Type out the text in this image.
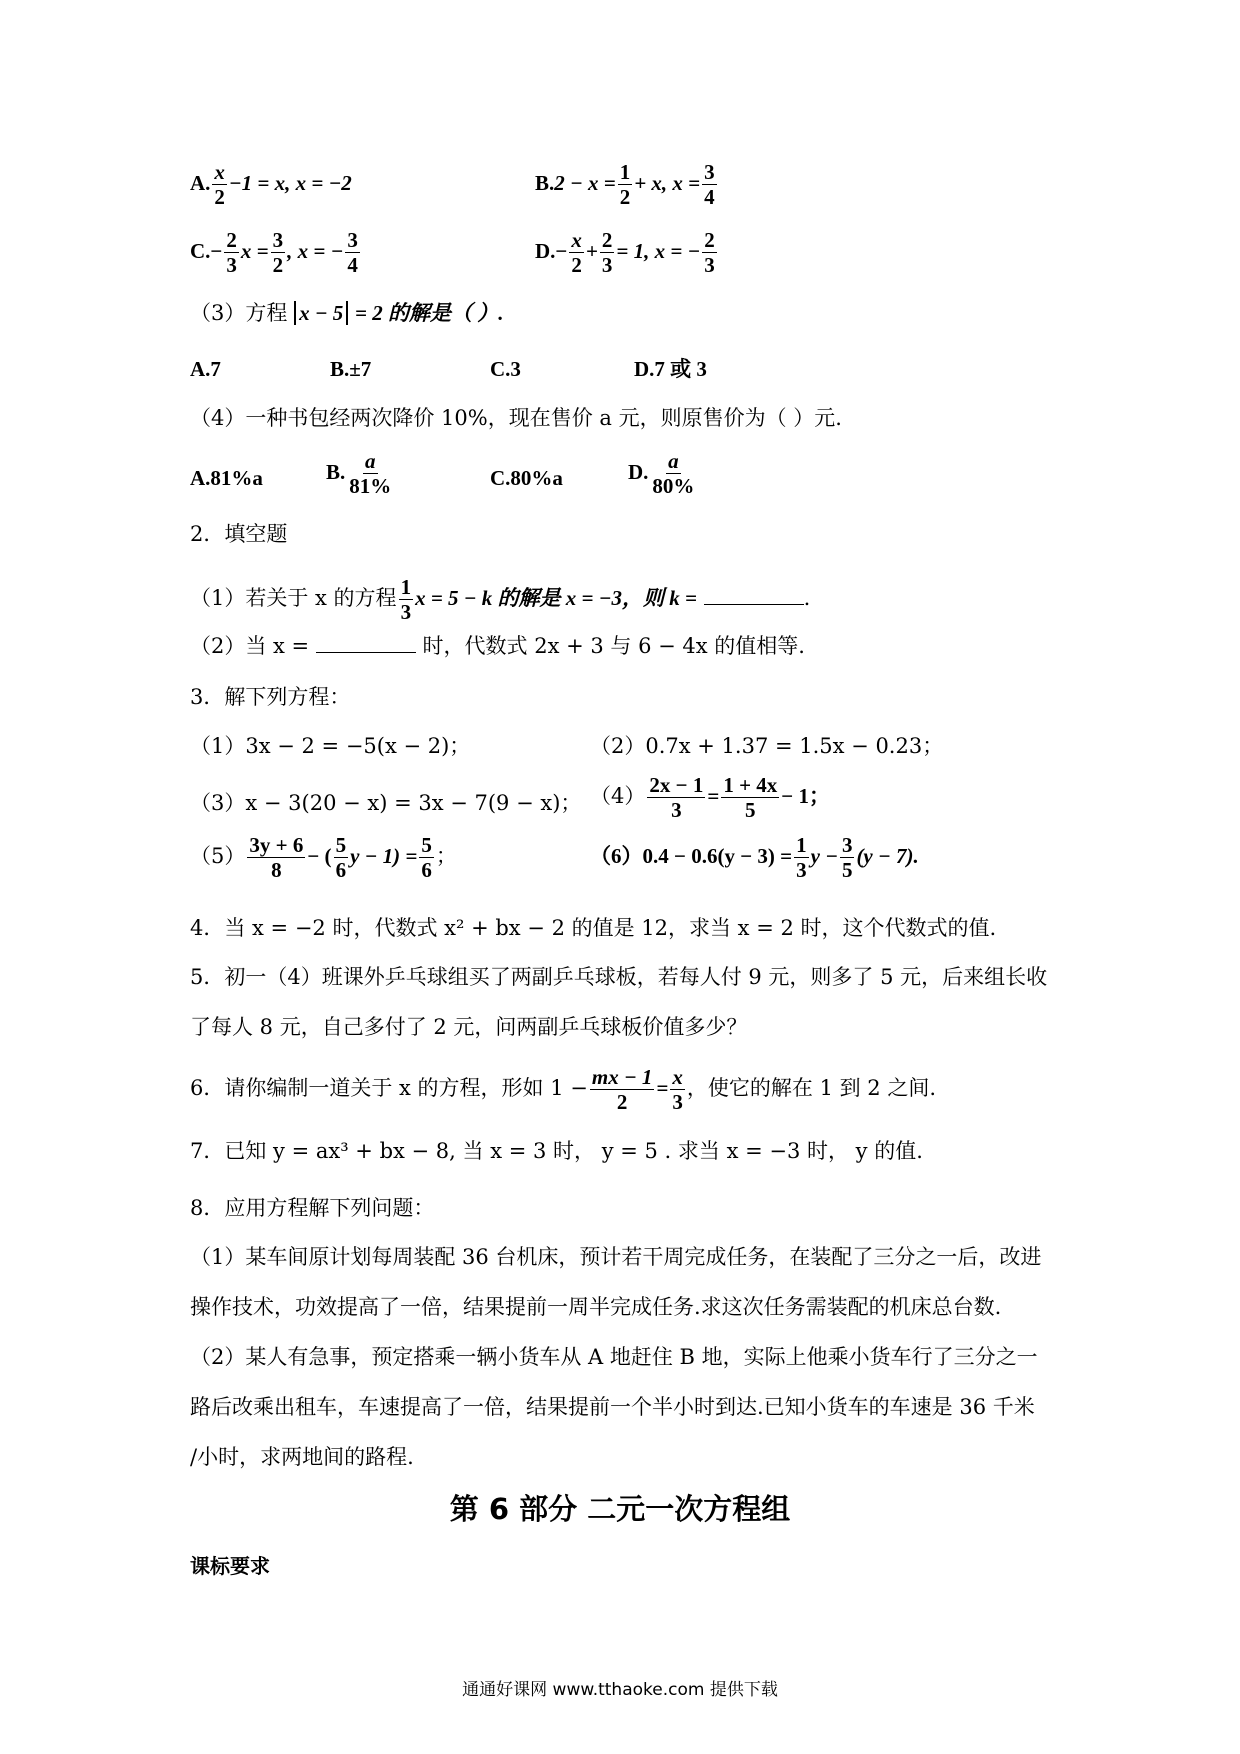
A. $\frac{x}{2} -1 = x$, x = −2	$B.2 - x = \frac{1}{2} + x$, $x = \frac{3}{4}$
$C.- \frac{2}{3}$ $x = \frac{3}{2}$ , x = − $\frac{3}{4}$	$D.- \frac{x}{2} + \frac{2}{3} = 1$, x = − $\frac{2}{3}$
（3）方程 x − 5 = 2 的解是（ ）.
A.7	B.±7	C.3	D.7 或 3
（4）一种书包经两次降价 10%，现在售价 a 元，则原售价为（ ）元.
A.81%a	B. $\frac{a}{81\%}$	C.80%a	D. $\frac{a}{80\%}$
2．填空题
（1）若关于 x 的方程 $\frac{1}{3}$ x = 5 − k 的解是 x = −3，则 k =	.
（2）当 x =	时，代数式 2x + 3 与 6 − 4x 的值相等.
3．解下列方程：
（1）3x − 2 = −5(x − 2)；	（2）0.7x + 1.37 = 1.5x − 0.23；
（3）x − 3(20 − x) = 3x − 7(9 − x)； $(4) \frac{2x - 1}{3} = \frac{1 + 4x}{5} - 1$；
$(5) \frac{3y + 6}{8}$ − ( $\frac{5}{6}$ $y - 1) = \frac{5}{6}$ ；	$(6)0.4 - 0.6(y - 3) = \frac{1}{3}$ $y - \frac{3}{5} (y - 7)$.
4．当 x = −2 时，代数式 x² + bx − 2 的值是 12，求当 x = 2 时，这个代数式的值.
5．初一（4）班课外乒乓球组买了两副乒乓球板，若每人付 9 元，则多了 5 元，后来组长收
了每人 8 元，自己多付了 2 元，问两副乒乓球板价值多少？
6．请你编制一道关于 x 的方程，形如 $1 - \frac{mx - 1}{2} = \frac{x}{3}$ ，使它的解在 1 到 2 之间.
7．已知 y = ax³ + bx − 8, 当 x = 3 时， y = 5 . 求当 x = −3 时， y 的值.
8．应用方程解下列问题：
（1）某车间原计划每周装配 36 台机床，预计若干周完成任务，在装配了三分之一后，改进
操作技术，功效提高了一倍，结果提前一周半完成任务.求这次任务需装配的机床总台数.
（2）某人有急事，预定搭乘一辆小货车从 A 地赶住 B 地，实际上他乘小货车行了三分之一
路后改乘出租车，车速提高了一倍，结果提前一个半小时到达.已知小货车的车速是 36 千米
/小时，求两地间的路程.
第 6 部分 二元一次方程组
课标要求
通通好课网 www.tthaoke.com 提供下载
